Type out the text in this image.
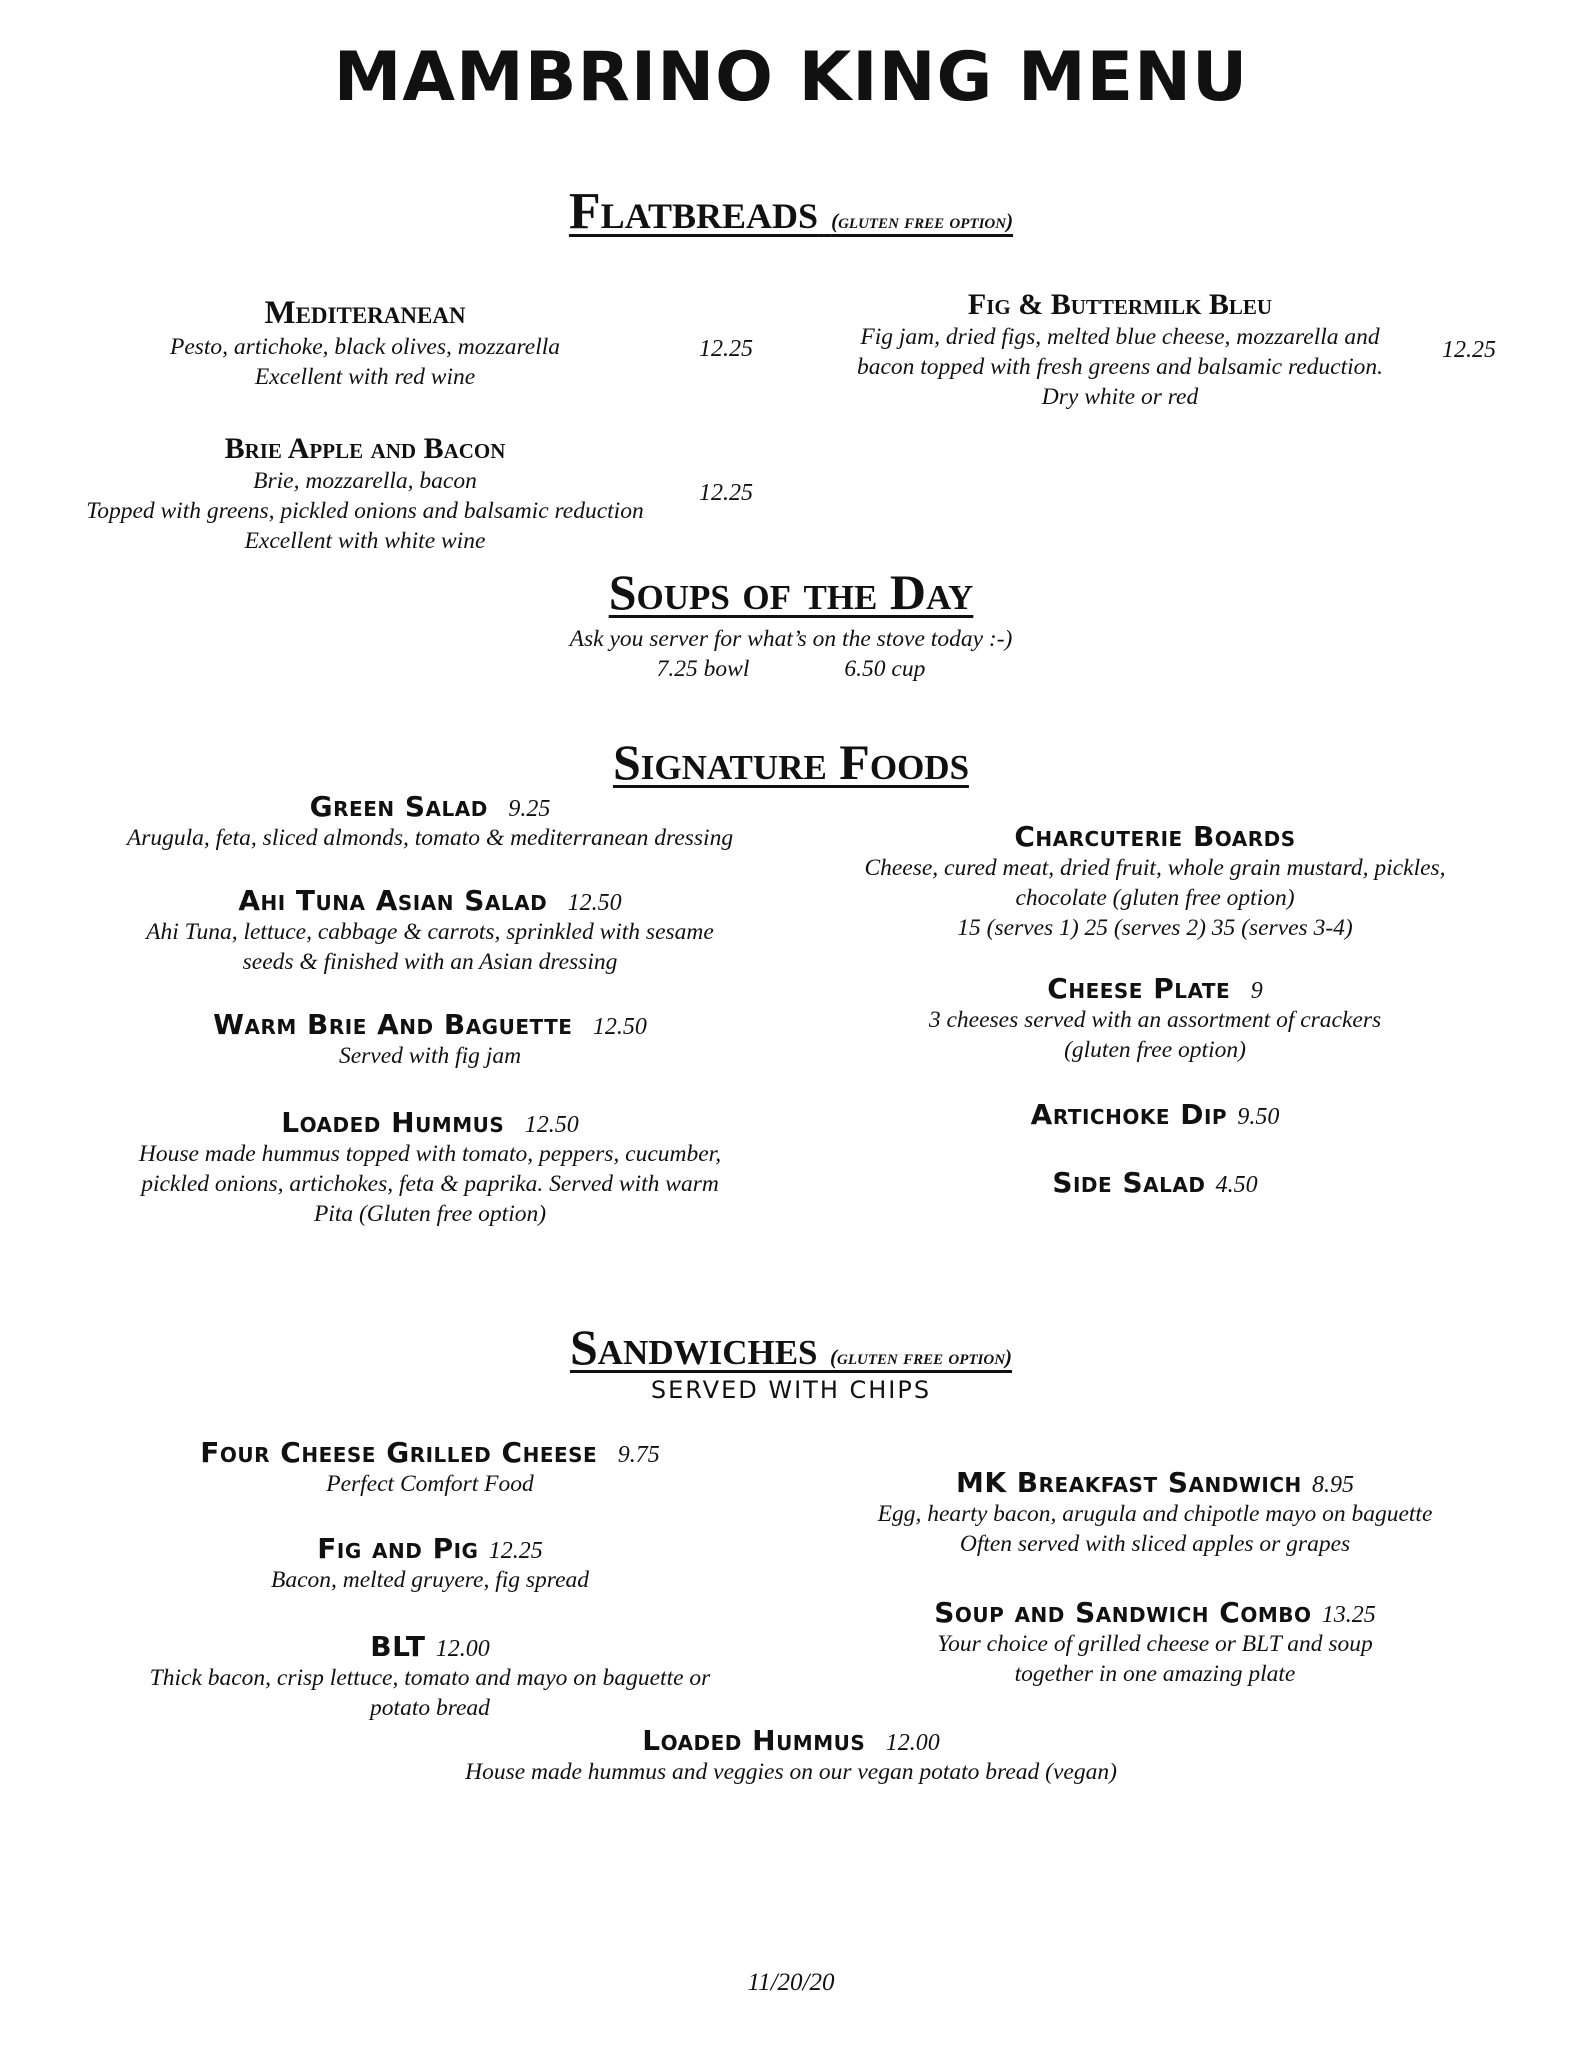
MAMBRINO KING MENU
Flatbreads (gluten free option)
Mediteranean
Pesto, artichoke, black olives, mozzarella
Excellent with red wine
12.25
Fig & Buttermilk Bleu
Fig jam, dried figs, melted blue cheese, mozzarella and
bacon topped with fresh greens and balsamic reduction.
Dry white or red
12.25
Brie Apple and Bacon
Brie, mozzarella, bacon
Topped with greens, pickled onions and balsamic reduction
Excellent with white wine
12.25
Soups of the Day
Ask you server for what’s on the stove today :-)
7.25 bowl	6.50 cup
Signature Foods
Green Salad 9.25
Arugula, feta, sliced almonds, tomato & mediterranean dressing
Ahi Tuna Asian Salad 12.50
Ahi Tuna, lettuce, cabbage & carrots, sprinkled with sesame
seeds & finished with an Asian dressing
Warm Brie And Baguette 12.50
Served with fig jam
Loaded Hummus 12.50
House made hummus topped with tomato, peppers, cucumber,
pickled onions, artichokes, feta & paprika. Served with warm
Pita (Gluten free option)
Charcuterie Boards
Cheese, cured meat, dried fruit, whole grain mustard, pickles,
chocolate (gluten free option)
15 (serves 1) 25 (serves 2) 35 (serves 3-4)
Cheese Plate 9
3 cheeses served with an assortment of crackers
(gluten free option)
Artichoke Dip 9.50
Side Salad 4.50
Sandwiches (gluten free option)
SERVED WITH CHIPS
Four Cheese Grilled Cheese 9.75
Perfect Comfort Food
Fig and Pig 12.25
Bacon, melted gruyere, fig spread
BLT 12.00
Thick bacon, crisp lettuce, tomato and mayo on baguette or
potato bread
MK Breakfast Sandwich 8.95
Egg, hearty bacon, arugula and chipotle mayo on baguette
Often served with sliced apples or grapes
Soup and Sandwich Combo 13.25
Your choice of grilled cheese or BLT and soup
together in one amazing plate
Loaded Hummus 12.00
House made hummus and veggies on our vegan potato bread (vegan)
11/20/20
